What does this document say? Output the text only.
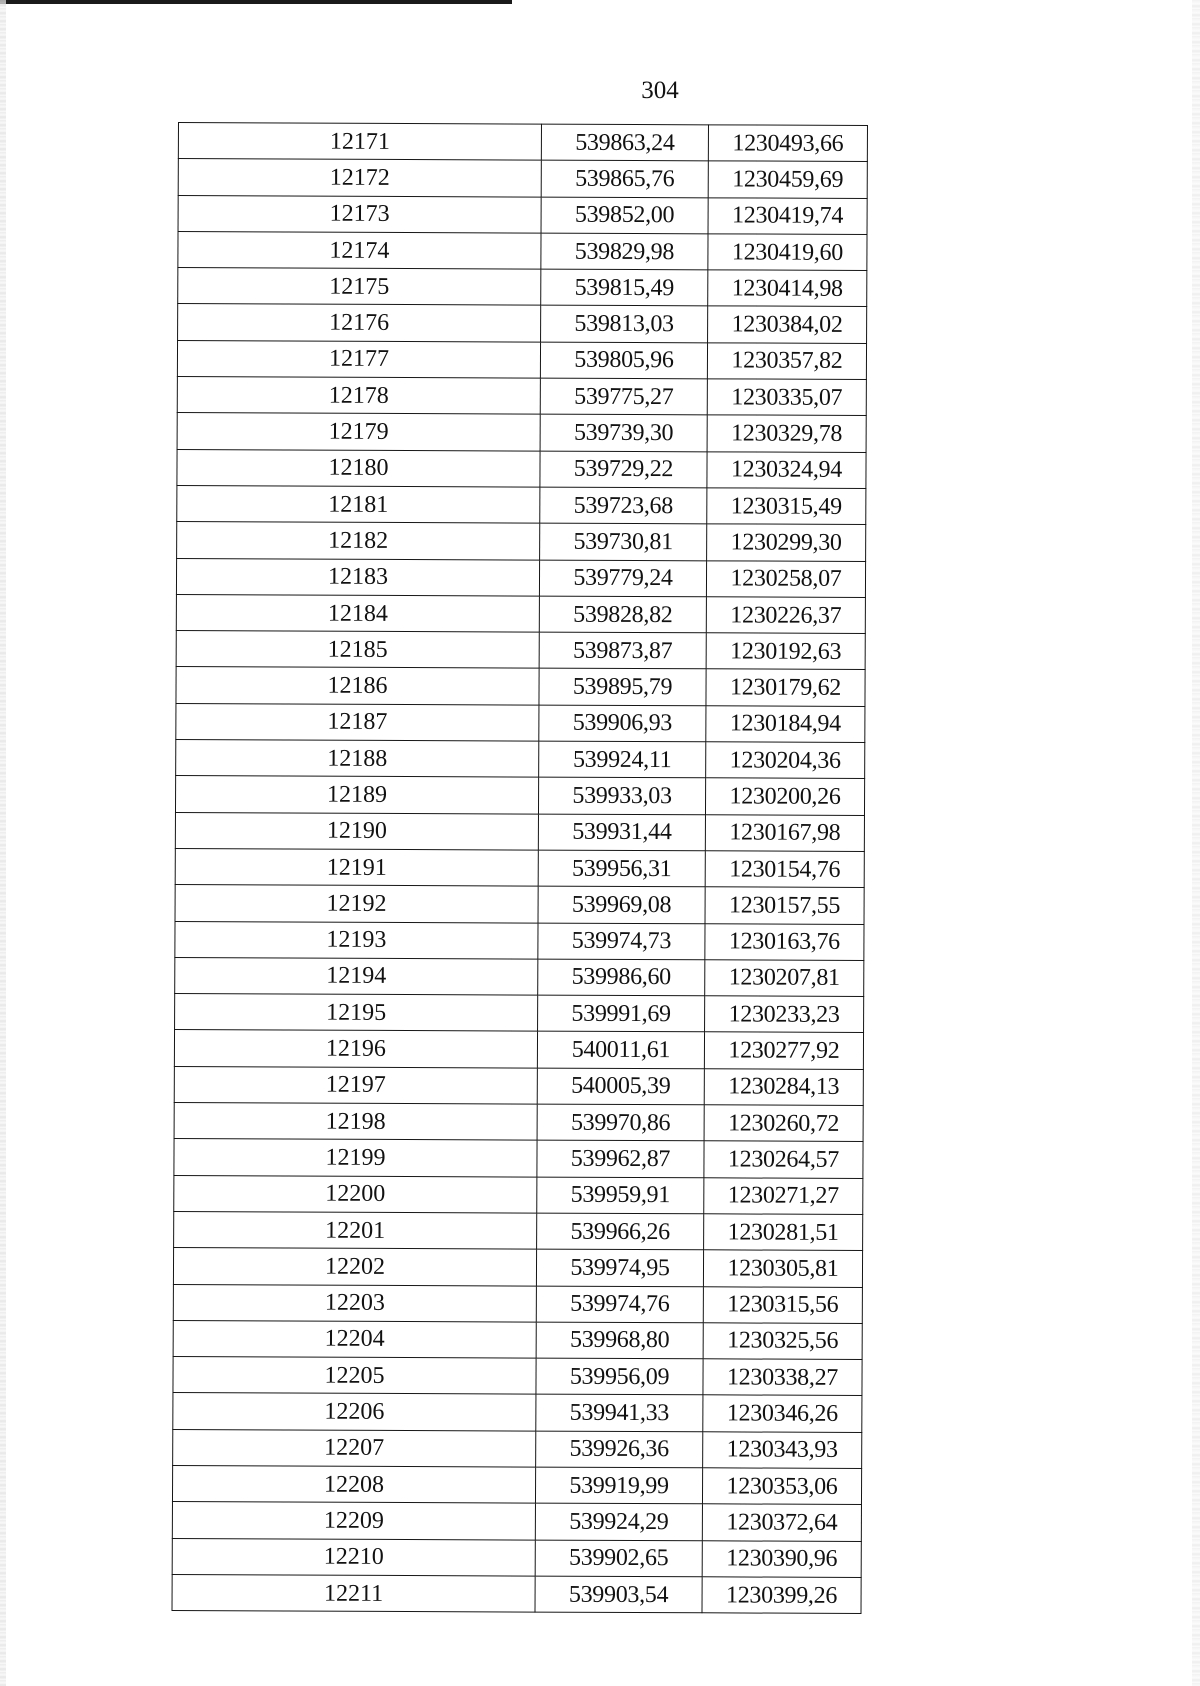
304
12171	539863,24	1230493,66
12172	539865,76	1230459,69
12173	539852,00	1230419,74
12174	539829,98	1230419,60
12175	539815,49	1230414,98
12176	539813,03	1230384,02
12177	539805,96	1230357,82
12178	539775,27	1230335,07
12179	539739,30	1230329,78
12180	539729,22	1230324,94
12181	539723,68	1230315,49
12182	539730,81	1230299,30
12183	539779,24	1230258,07
12184	539828,82	1230226,37
12185	539873,87	1230192,63
12186	539895,79	1230179,62
12187	539906,93	1230184,94
12188	539924,11	1230204,36
12189	539933,03	1230200,26
12190	539931,44	1230167,98
12191	539956,31	1230154,76
12192	539969,08	1230157,55
12193	539974,73	1230163,76
12194	539986,60	1230207,81
12195	539991,69	1230233,23
12196	540011,61	1230277,92
12197	540005,39	1230284,13
12198	539970,86	1230260,72
12199	539962,87	1230264,57
12200	539959,91	1230271,27
12201	539966,26	1230281,51
12202	539974,95	1230305,81
12203	539974,76	1230315,56
12204	539968,80	1230325,56
12205	539956,09	1230338,27
12206	539941,33	1230346,26
12207	539926,36	1230343,93
12208	539919,99	1230353,06
12209	539924,29	1230372,64
12210	539902,65	1230390,96
12211	539903,54	1230399,26
